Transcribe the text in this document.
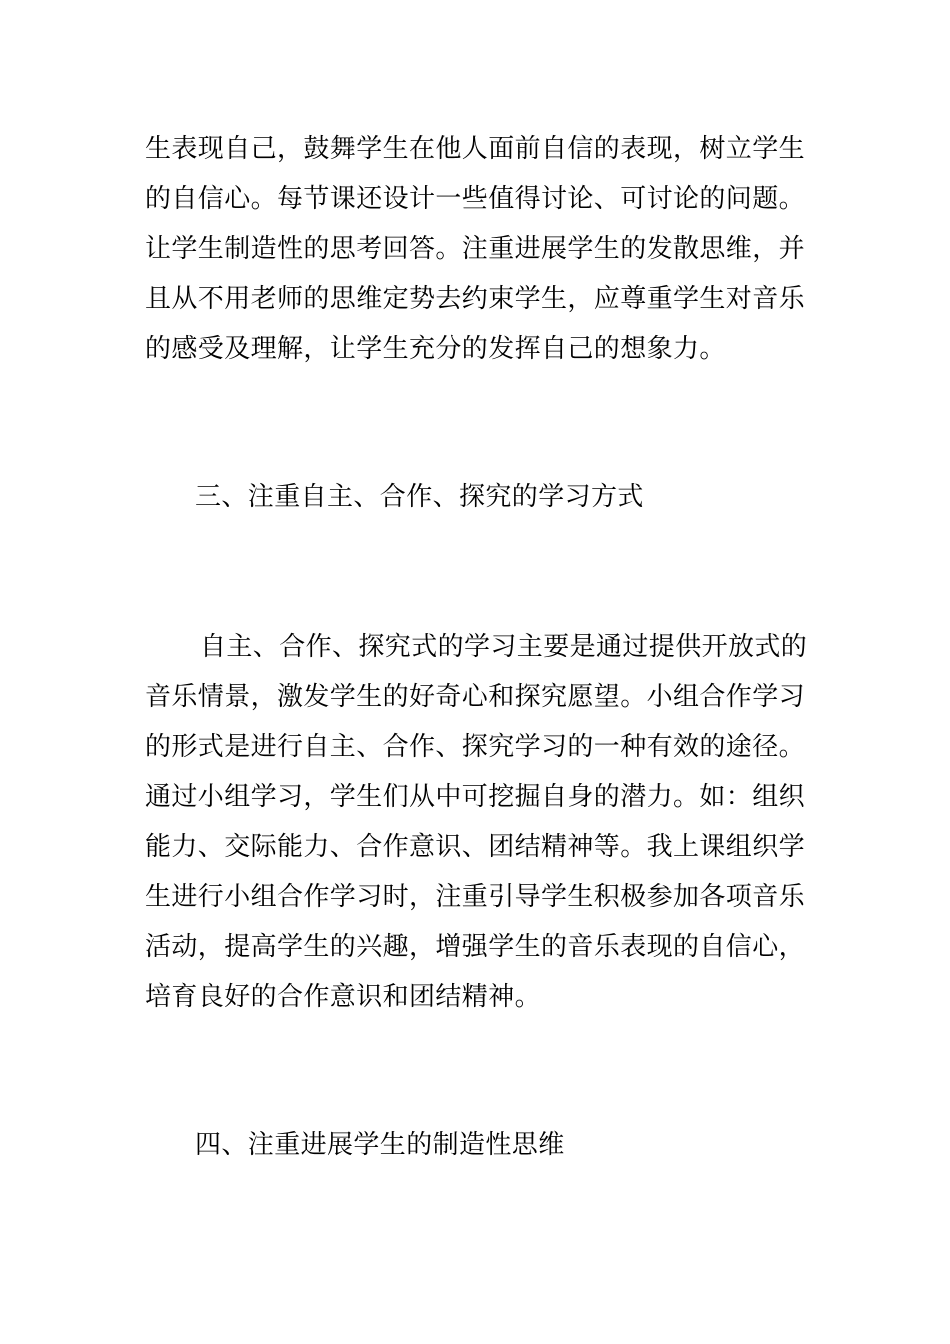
生表现自己，鼓舞学生在他人面前自信的表现，树立学生
的自信心。每节课还设计一些值得讨论、可讨论的问题。
让学生制造性的思考回答。注重进展学生的发散思维，并
且从不用老师的思维定势去约束学生，应尊重学生对音乐
的感受及理解，让学生充分的发挥自己的想象力。
三、注重自主、合作、探究的学习方式
自主、合作、探究式的学习主要是通过提供开放式的
音乐情景，激发学生的好奇心和探究愿望。小组合作学习
的形式是进行自主、合作、探究学习的一种有效的途径。
通过小组学习，学生们从中可挖掘自身的潜力。如：组织
能力、交际能力、合作意识、团结精神等。我上课组织学
生进行小组合作学习时，注重引导学生积极参加各项音乐
活动，提高学生的兴趣，增强学生的音乐表现的自信心，
培育良好的合作意识和团结精神。
四、注重进展学生的制造性思维
